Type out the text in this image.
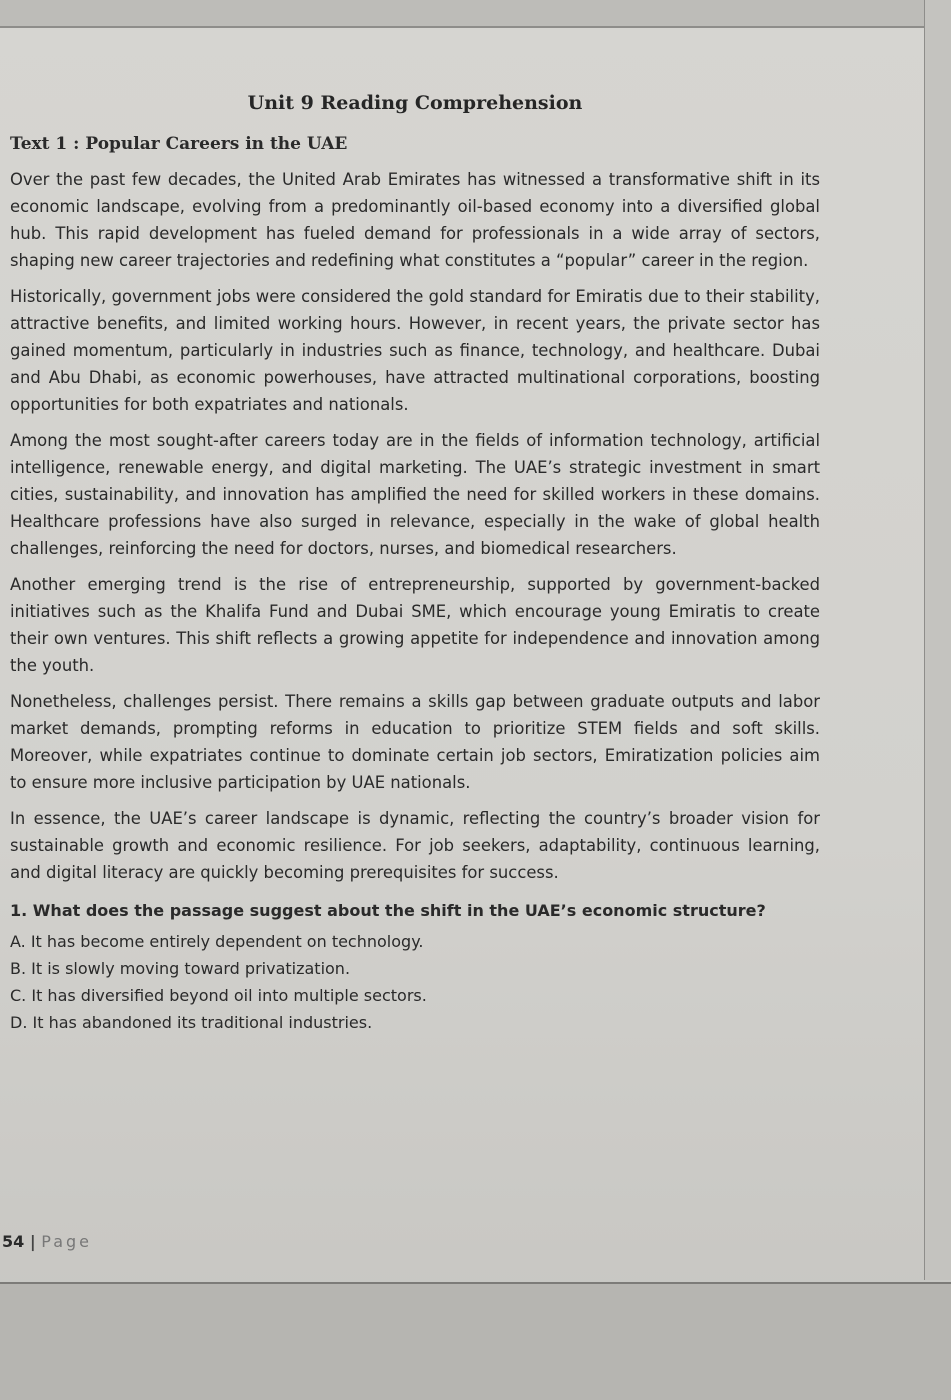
Unit 9 Reading Comprehension
Text 1 : Popular Careers in the UAE

Over the past few decades, the United Arab Emirates has witnessed a transformative shift in its economic landscape, evolving from a predominantly oil-based economy into a diversified global hub. This rapid development has fueled demand for professionals in a wide array of sectors, shaping new career trajectories and redefining what constitutes a “popular” career in the region.

Historically, government jobs were considered the gold standard for Emiratis due to their stability, attractive benefits, and limited working hours. However, in recent years, the private sector has gained momentum, particularly in industries such as finance, technology, and healthcare. Dubai and Abu Dhabi, as economic powerhouses, have attracted multinational corporations, boosting opportunities for both expatriates and nationals.

Among the most sought-after careers today are in the fields of information technology, artificial intelligence, renewable energy, and digital marketing. The UAE’s strategic investment in smart cities, sustainability, and innovation has amplified the need for skilled workers in these domains. Healthcare professions have also surged in relevance, especially in the wake of global health challenges, reinforcing the need for doctors, nurses, and biomedical researchers.

Another emerging trend is the rise of entrepreneurship, supported by government-backed initiatives such as the Khalifa Fund and Dubai SME, which encourage young Emiratis to create their own ventures. This shift reflects a growing appetite for independence and innovation among the youth.

Nonetheless, challenges persist. There remains a skills gap between graduate outputs and labor market demands, prompting reforms in education to prioritize STEM fields and soft skills. Moreover, while expatriates continue to dominate certain job sectors, Emiratization policies aim to ensure more inclusive participation by UAE nationals.

In essence, the UAE’s career landscape is dynamic, reflecting the country’s broader vision for sustainable growth and economic resilience. For job seekers, adaptability, continuous learning, and digital literacy are quickly becoming prerequisites for success.

1. What does the passage suggest about the shift in the UAE’s economic structure?

A. It has become entirely dependent on technology.

B. It is slowly moving toward privatization.

C. It has diversified beyond oil into multiple sectors.

D. It has abandoned its traditional industries.

54 | Page
